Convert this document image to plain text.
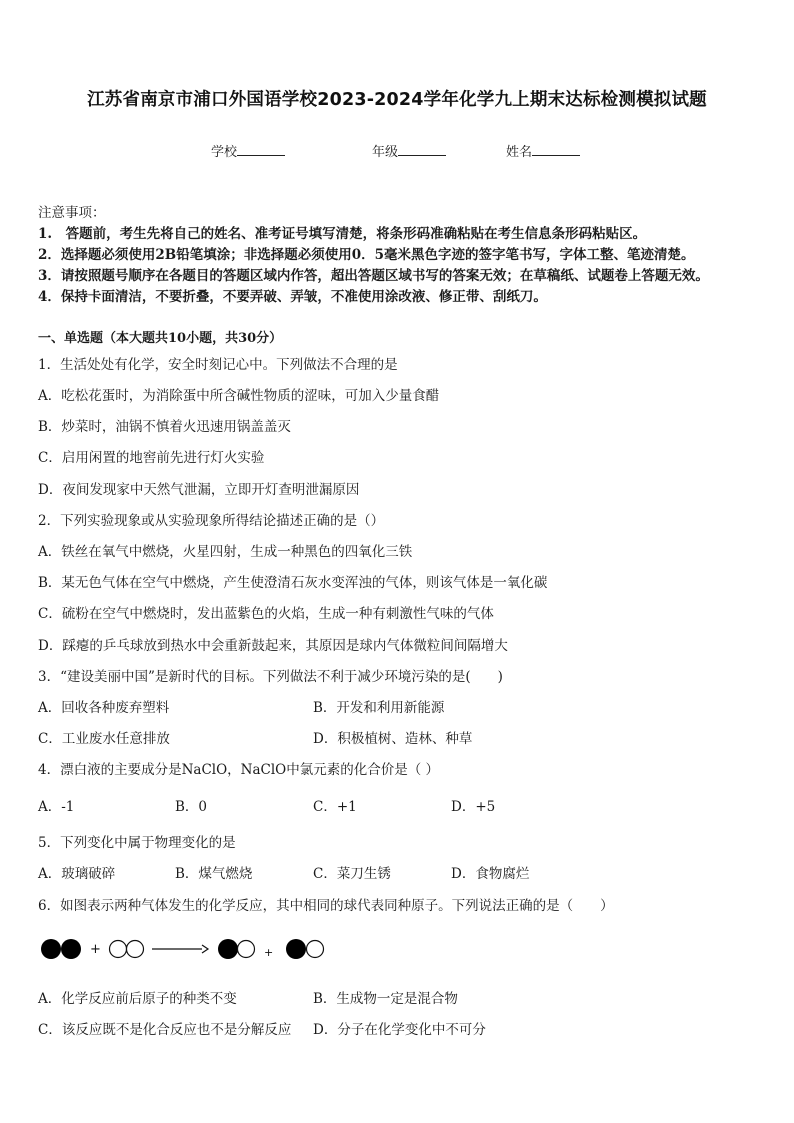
江苏省南京市浦口外国语学校2023-2024学年化学九上期末达标检测模拟试题
学校	年级	姓名
注意事项：
1.　答题前，考生先将自己的姓名、准考证号填写清楚，将条形码准确粘贴在考生信息条形码粘贴区。
2．选择题必须使用2B铅笔填涂；非选择题必须使用0．5毫米黑色字迹的签字笔书写，字体工整、笔迹清楚。
3．请按照题号顺序在各题目的答题区域内作答，超出答题区域书写的答案无效；在草稿纸、试题卷上答题无效。
4．保持卡面清洁，不要折叠，不要弄破、弄皱，不准使用涂改液、修正带、刮纸刀。
一、单选题（本大题共10小题，共30分）
1．生活处处有化学，安全时刻记心中。下列做法不合理的是
A．吃松花蛋时，为消除蛋中所含碱性物质的涩味，可加入少量食醋
B．炒菜时，油锅不慎着火迅速用锅盖盖灭
C．启用闲置的地窖前先进行灯火实验
D．夜间发现家中天然气泄漏，立即开灯查明泄漏原因
2．下列实验现象或从实验现象所得结论描述正确的是（）
A．铁丝在氧气中燃烧，火星四射，生成一种黑色的四氧化三铁
B．某无色气体在空气中燃烧，产生使澄清石灰水变浑浊的气体，则该气体是一氧化碳
C．硫粉在空气中燃烧时，发出蓝紫色的火焰，生成一种有刺激性气味的气体
D．踩瘪的乒乓球放到热水中会重新鼓起来，其原因是球内气体微粒间间隔增大
3．“建设美丽中国”是新时代的目标。下列做法不利于减少环境污染的是(　　)
A．回收各种废弃塑料	B．开发和利用新能源
C．工业废水任意排放	D．积极植树、造林、种草
4．漂白液的主要成分是NaClO，NaClO中氯元素的化合价是（ ）
A．-1	B．0	C．+1	D．+5
5．下列变化中属于物理变化的是
A．玻璃破碎	B．煤气燃烧	C．菜刀生锈	D．食物腐烂
6．如图表示两种气体发生的化学反应，其中相同的球代表同种原子。下列说法正确的是（　　）
+	+
A．化学反应前后原子的种类不变	B．生成物一定是混合物
C．该反应既不是化合反应也不是分解反应 D．分子在化学变化中不可分
